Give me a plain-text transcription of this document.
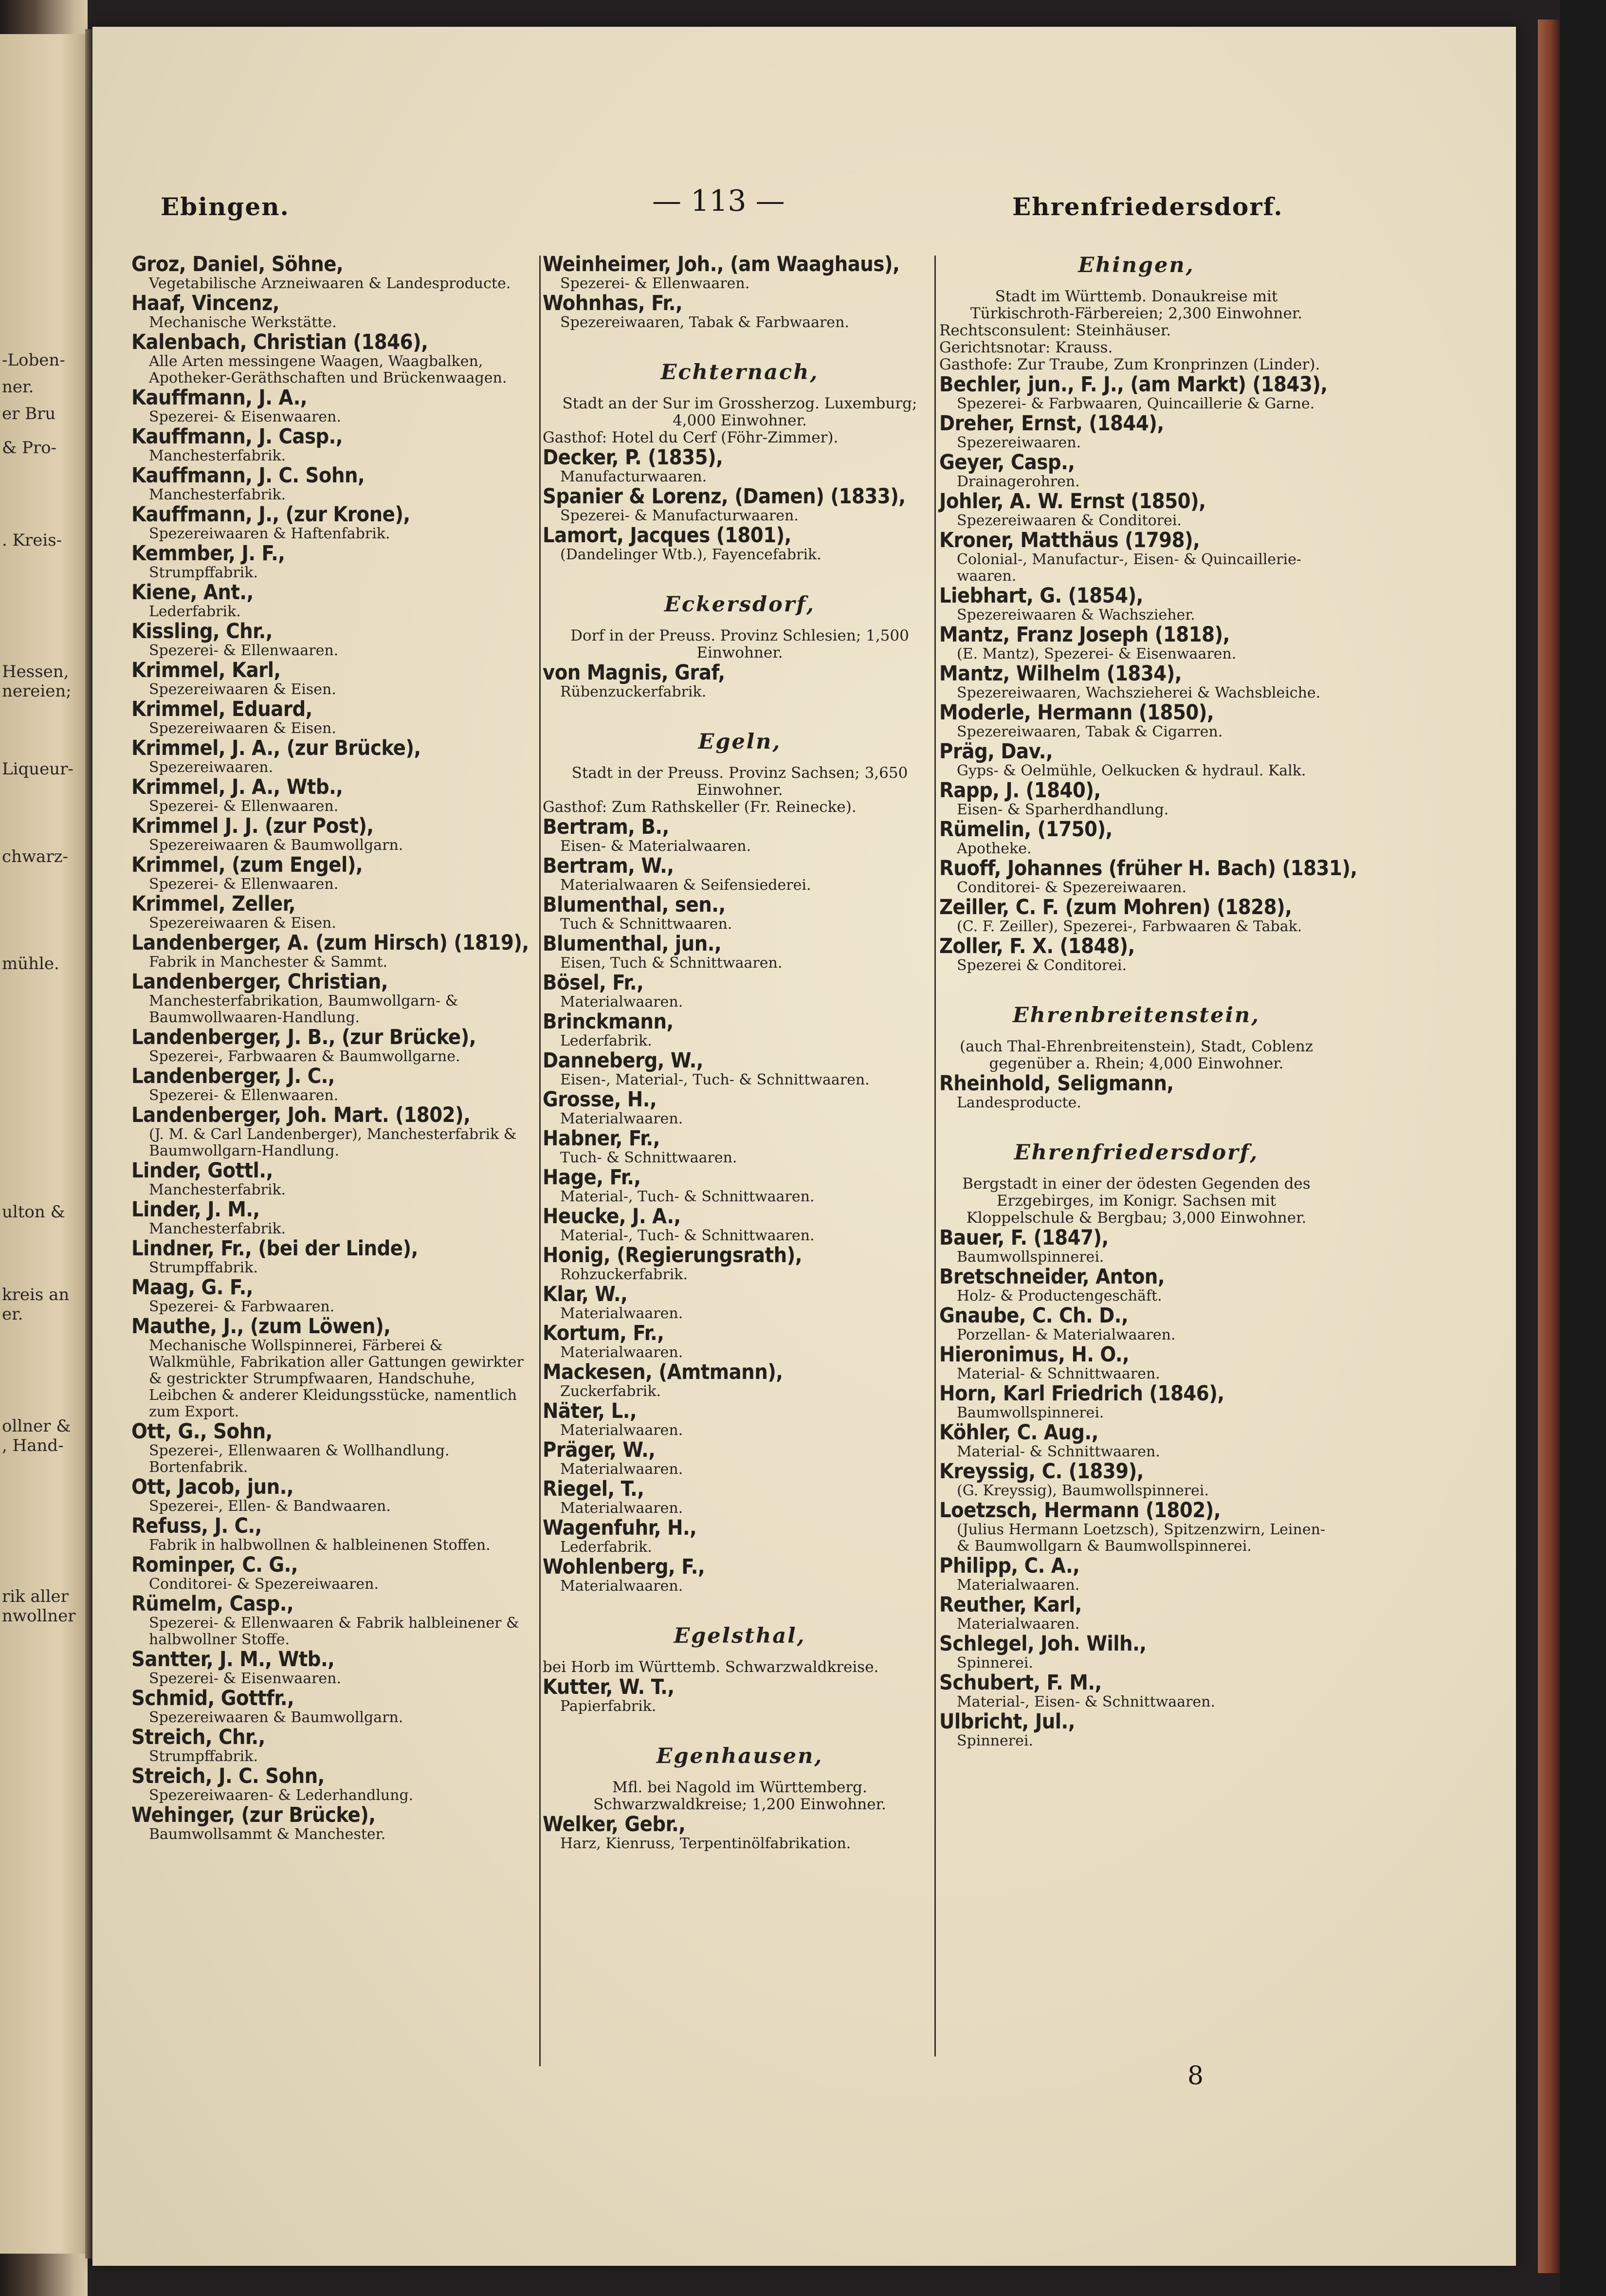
-Loben-
ner.
er Bru
& Pro-
. Kreis-
Hessen,
nereien;
Liqueur-
chwarz-
mühle.
ulton &
kreis an
er.
ollner &
, Hand-
rik aller
nwollner
Ebingen.	— 113 —	Ehrenfriedersdorf.
Groz, Daniel, Söhne,
Vegetabilische Arzneiwaaren & Landesproducte.
Haaf, Vincenz,
Mechanische Werkstätte.
Kalenbach, Christian (1846),
Alle Arten messingene Waagen, Waagbalken, Apotheker-Geräthschaften und Brückenwaagen.
Kauffmann, J. A.,
Spezerei- & Eisenwaaren.
Kauffmann, J. Casp.,
Manchesterfabrik.
Kauffmann, J. C. Sohn,
Manchesterfabrik.
Kauffmann, J., (zur Krone),
Spezereiwaaren & Haftenfabrik.
Kemmber, J. F.,
Strumpffabrik.
Kiene, Ant.,
Lederfabrik.
Kissling, Chr.,
Spezerei- & Ellenwaaren.
Krimmel, Karl,
Spezereiwaaren & Eisen.
Krimmel, Eduard,
Spezereiwaaren & Eisen.
Krimmel, J. A., (zur Brücke),
Spezereiwaaren.
Krimmel, J. A., Wtb.,
Spezerei- & Ellenwaaren.
Krimmel J. J. (zur Post),
Spezereiwaaren & Baumwollgarn.
Krimmel, (zum Engel),
Spezerei- & Ellenwaaren.
Krimmel, Zeller,
Spezereiwaaren & Eisen.
Landenberger, A. (zum Hirsch) (1819),
Fabrik in Manchester & Sammt.
Landenberger, Christian,
Manchesterfabrikation, Baumwollgarn- & Baumwollwaaren-Handlung.
Landenberger, J. B., (zur Brücke),
Spezerei-, Farbwaaren & Baumwollgarne.
Landenberger, J. C.,
Spezerei- & Ellenwaaren.
Landenberger, Joh. Mart. (1802),
(J. M. & Carl Landenberger), Manchesterfabrik & Baumwollgarn-Handlung.
Linder, Gottl.,
Manchesterfabrik.
Linder, J. M.,
Manchesterfabrik.
Lindner, Fr., (bei der Linde),
Strumpffabrik.
Maag, G. F.,
Spezerei- & Farbwaaren.
Mauthe, J., (zum Löwen),
Mechanische Wollspinnerei, Färberei & Walkmühle, Fabrikation aller Gattungen gewirkter & gestrickter Strumpfwaaren, Handschuhe, Leibchen & anderer Kleidungsstücke, namentlich zum Export.
Ott, G., Sohn,
Spezerei-, Ellenwaaren & Wollhandlung. Bortenfabrik.
Ott, Jacob, jun.,
Spezerei-, Ellen- & Bandwaaren.
Refuss, J. C.,
Fabrik in halbwollnen & halbleinenen Stoffen.
Rominper, C. G.,
Conditorei- & Spezereiwaaren.
Rümelm, Casp.,
Spezerei- & Ellenwaaren & Fabrik halbleinener & halbwollner Stoffe.
Santter, J. M., Wtb.,
Spezerei- & Eisenwaaren.
Schmid, Gottfr.,
Spezereiwaaren & Baumwollgarn.
Streich, Chr.,
Strumpffabrik.
Streich, J. C. Sohn,
Spezereiwaaren- & Lederhandlung.
Wehinger, (zur Brücke),
Baumwollsammt & Manchester.
Weinheimer, Joh., (am Waaghaus),
Spezerei- & Ellenwaaren.
Wohnhas, Fr.,
Spezereiwaaren, Tabak & Farbwaaren.
Echternach,
Stadt an der Sur im Grossherzog. Luxemburg; 4,000 Einwohner.
Gasthof: Hotel du Cerf (Föhr-Zimmer).
Decker, P. (1835),
Manufacturwaaren.
Spanier & Lorenz, (Damen) (1833),
Spezerei- & Manufacturwaaren.
Lamort, Jacques (1801),
(Dandelinger Wtb.), Fayencefabrik.
Eckersdorf,
Dorf in der Preuss. Provinz Schlesien; 1,500 Einwohner.
von Magnis, Graf,
Rübenzuckerfabrik.
Egeln,
Stadt in der Preuss. Provinz Sachsen; 3,650 Einwohner.
Gasthof: Zum Rathskeller (Fr. Reinecke).
Bertram, B.,
Eisen- & Materialwaaren.
Bertram, W.,
Materialwaaren & Seifensiederei.
Blumenthal, sen.,
Tuch & Schnittwaaren.
Blumenthal, jun.,
Eisen, Tuch & Schnittwaaren.
Bösel, Fr.,
Materialwaaren.
Brinckmann,
Lederfabrik.
Danneberg, W.,
Eisen-, Material-, Tuch- & Schnittwaaren.
Grosse, H.,
Materialwaaren.
Habner, Fr.,
Tuch- & Schnittwaaren.
Hage, Fr.,
Material-, Tuch- & Schnittwaaren.
Heucke, J. A.,
Material-, Tuch- & Schnittwaaren.
Honig, (Regierungsrath),
Rohzuckerfabrik.
Klar, W.,
Materialwaaren.
Kortum, Fr.,
Materialwaaren.
Mackesen, (Amtmann),
Zuckerfabrik.
Näter, L.,
Materialwaaren.
Präger, W.,
Materialwaaren.
Riegel, T.,
Materialwaaren.
Wagenfuhr, H.,
Lederfabrik.
Wohlenberg, F.,
Materialwaaren.
Egelsthal,
bei Horb im Württemb. Schwarzwaldkreise.
Kutter, W. T.,
Papierfabrik.
Egenhausen,
Mfl. bei Nagold im Württemberg. Schwarzwaldkreise; 1,200 Einwohner.
Welker, Gebr.,
Harz, Kienruss, Terpentinölfabrikation.
Ehingen,
Stadt im Württemb. Donaukreise mit Türkischroth-Färbereien; 2,300 Einwohner.
Rechtsconsulent: Steinhäuser.
Gerichtsnotar: Krauss.
Gasthofe: Zur Traube, Zum Kronprinzen (Linder).
Bechler, jun., F. J., (am Markt) (1843),
Spezerei- & Farbwaaren, Quincaillerie & Garne.
Dreher, Ernst, (1844),
Spezereiwaaren.
Geyer, Casp.,
Drainagerohren.
Johler, A. W. Ernst (1850),
Spezereiwaaren & Conditorei.
Kroner, Matthäus (1798),
Colonial-, Manufactur-, Eisen- & Quincaillerie-waaren.
Liebhart, G. (1854),
Spezereiwaaren & Wachszieher.
Mantz, Franz Joseph (1818),
(E. Mantz), Spezerei- & Eisenwaaren.
Mantz, Wilhelm (1834),
Spezereiwaaren, Wachszieherei & Wachsbleiche.
Moderle, Hermann (1850),
Spezereiwaaren, Tabak & Cigarren.
Präg, Dav.,
Gyps- & Oelmühle, Oelkucken & hydraul. Kalk.
Rapp, J. (1840),
Eisen- & Sparherdhandlung.
Rümelin, (1750),
Apotheke.
Ruoff, Johannes (früher H. Bach) (1831),
Conditorei- & Spezereiwaaren.
Zeiller, C. F. (zum Mohren) (1828),
(C. F. Zeiller), Spezerei-, Farbwaaren & Tabak.
Zoller, F. X. (1848),
Spezerei & Conditorei.
Ehrenbreitenstein,
(auch Thal-Ehrenbreitenstein), Stadt, Coblenz gegenüber a. Rhein; 4,000 Einwohner.
Rheinhold, Seligmann,
Landesproducte.
Ehrenfriedersdorf,
Bergstadt in einer der ödesten Gegenden des Erzgebirges, im Konigr. Sachsen mit Kloppelschule & Bergbau; 3,000 Einwohner.
Bauer, F. (1847),
Baumwollspinnerei.
Bretschneider, Anton,
Holz- & Productengeschäft.
Gnaube, C. Ch. D.,
Porzellan- & Materialwaaren.
Hieronimus, H. O.,
Material- & Schnittwaaren.
Horn, Karl Friedrich (1846),
Baumwollspinnerei.
Köhler, C. Aug.,
Material- & Schnittwaaren.
Kreyssig, C. (1839),
(G. Kreyssig), Baumwollspinnerei.
Loetzsch, Hermann (1802),
(Julius Hermann Loetzsch), Spitzenzwirn, Leinen- & Baumwollgarn & Baumwollspinnerei.
Philipp, C. A.,
Materialwaaren.
Reuther, Karl,
Materialwaaren.
Schlegel, Joh. Wilh.,
Spinnerei.
Schubert, F. M.,
Material-, Eisen- & Schnittwaaren.
Ulbricht, Jul.,
Spinnerei.
8
